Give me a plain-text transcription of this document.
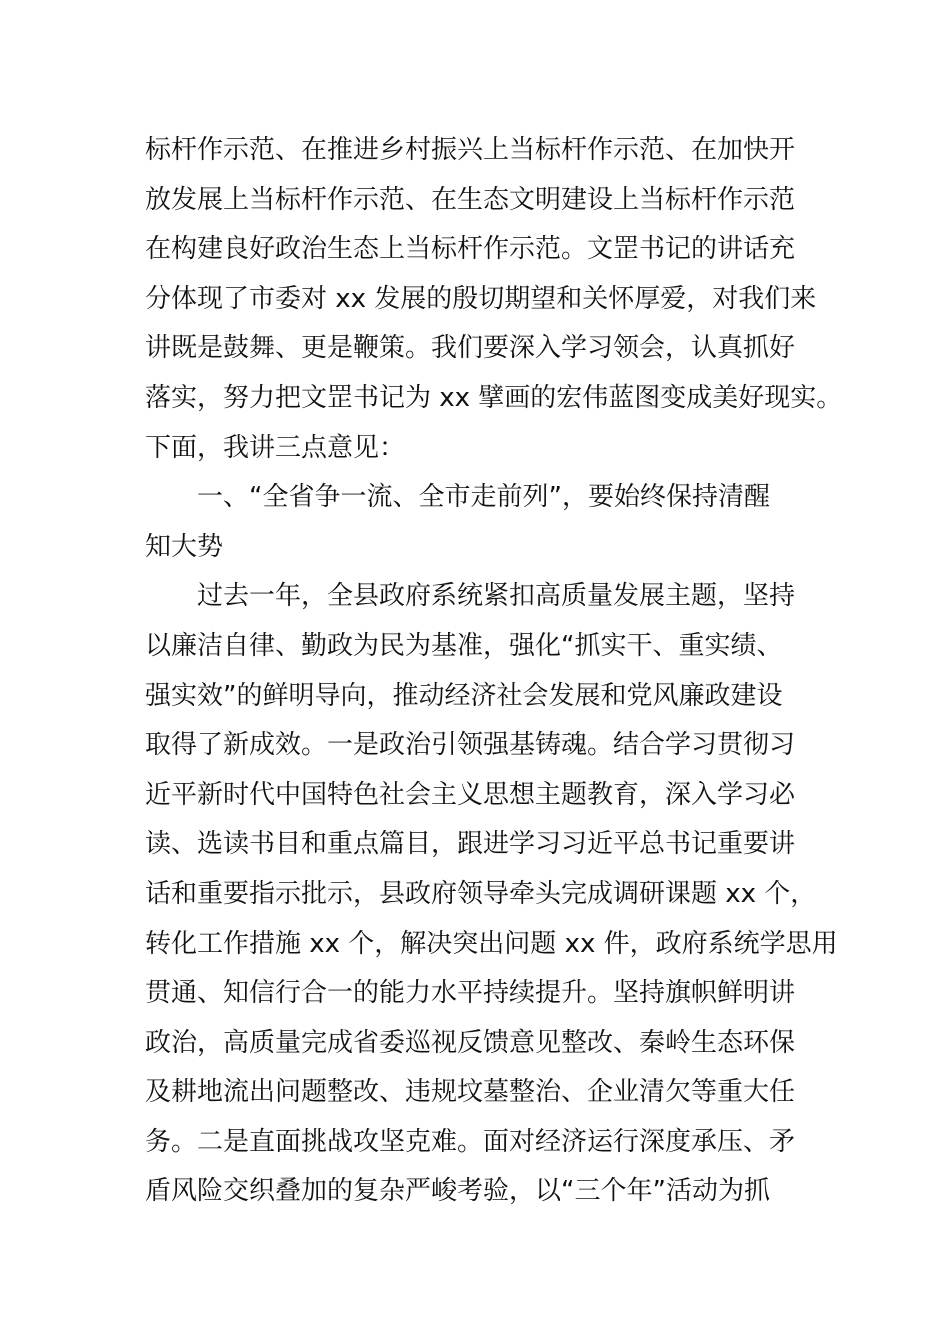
标杆作示范、在推进乡村振兴上当标杆作示范、在加快开
放发展上当标杆作示范、在生态文明建设上当标杆作示范
在构建良好政治生态上当标杆作示范。文罡书记的讲话充
分体现了市委对 xx 发展的殷切期望和关怀厚爱，对我们来
讲既是鼓舞、更是鞭策。我们要深入学习领会，认真抓好
落实，努力把文罡书记为 xx 擘画的宏伟蓝图变成美好现实。
下面，我讲三点意见：
一、“全省争一流、全市走前列”，要始终保持清醒
知大势
过去一年，全县政府系统紧扣高质量发展主题，坚持
以廉洁自律、勤政为民为基准，强化“抓实干、重实绩、
强实效”的鲜明导向，推动经济社会发展和党风廉政建设
取得了新成效。一是政治引领强基铸魂。结合学习贯彻习
近平新时代中国特色社会主义思想主题教育，深入学习必
读、选读书目和重点篇目，跟进学习习近平总书记重要讲
话和重要指示批示，县政府领导牵头完成调研课题 xx 个，
转化工作措施 xx 个，解决突出问题 xx 件，政府系统学思用
贯通、知信行合一的能力水平持续提升。坚持旗帜鲜明讲
政治，高质量完成省委巡视反馈意见整改、秦岭生态环保
及耕地流出问题整改、违规坟墓整治、企业清欠等重大任
务。二是直面挑战攻坚克难。面对经济运行深度承压、矛
盾风险交织叠加的复杂严峻考验，以“三个年”活动为抓
